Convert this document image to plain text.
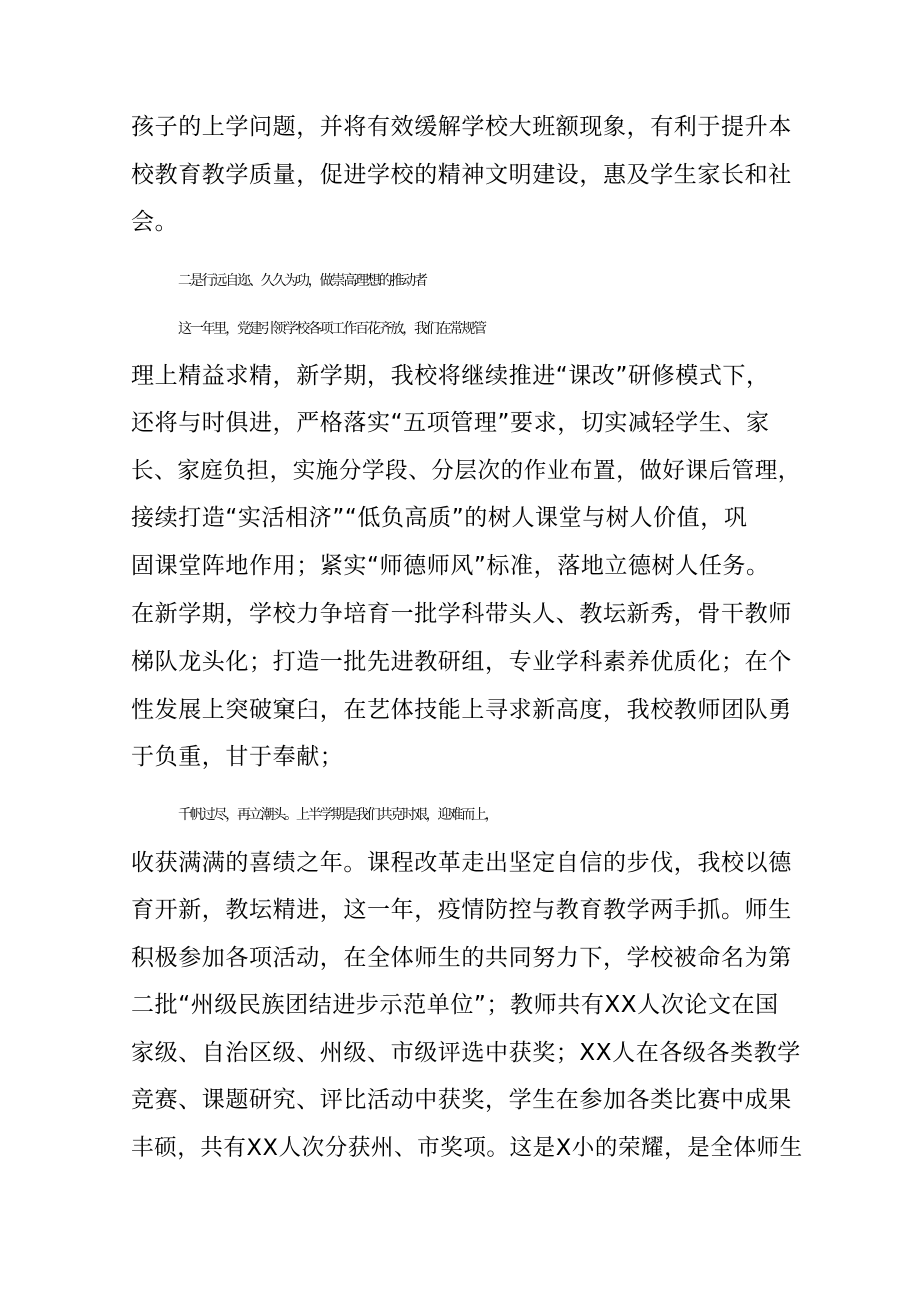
孩子的上学问题，并将有效缓解学校大班额现象，有利于提升本
校教育教学质量，促进学校的精神文明建设，惠及学生家长和社
会。
二是行远自迩、久久为功，做崇高理想的推动者
这一年里，党建引领学校各项工作百花齐放，我们在常规管
理上精益求精，新学期，我校将继续推进“课改”研修模式下，
还将与时俱进，严格落实“五项管理”要求，切实减轻学生、家
长、家庭负担，实施分学段、分层次的作业布置，做好课后管理，
接续打造“实活相济”“低负高质”的树人课堂与树人价值，巩
固课堂阵地作用；紧实“师德师风”标准，落地立德树人任务。
在新学期，学校力争培育一批学科带头人、教坛新秀，骨干教师
梯队龙头化；打造一批先进教研组，专业学科素养优质化；在个
性发展上突破窠臼，在艺体技能上寻求新高度，我校教师团队勇
于负重，甘于奉献；
千帆过尽，再立潮头。上半学期是我们共克时艰，迎难而上，
收获满满的喜绩之年。课程改革走出坚定自信的步伐，我校以德
育开新，教坛精进，这一年，疫情防控与教育教学两手抓。师生
积极参加各项活动，在全体师生的共同努力下，学校被命名为第
二批“州级民族团结进步示范单位”；教师共有XX人次论文在国
家级、自治区级、州级、市级评选中获奖；XX人在各级各类教学
竞赛、课题研究、评比活动中获奖，学生在参加各类比赛中成果
丰硕，共有XX人次分获州、市奖项。这是X小的荣耀，是全体师生
